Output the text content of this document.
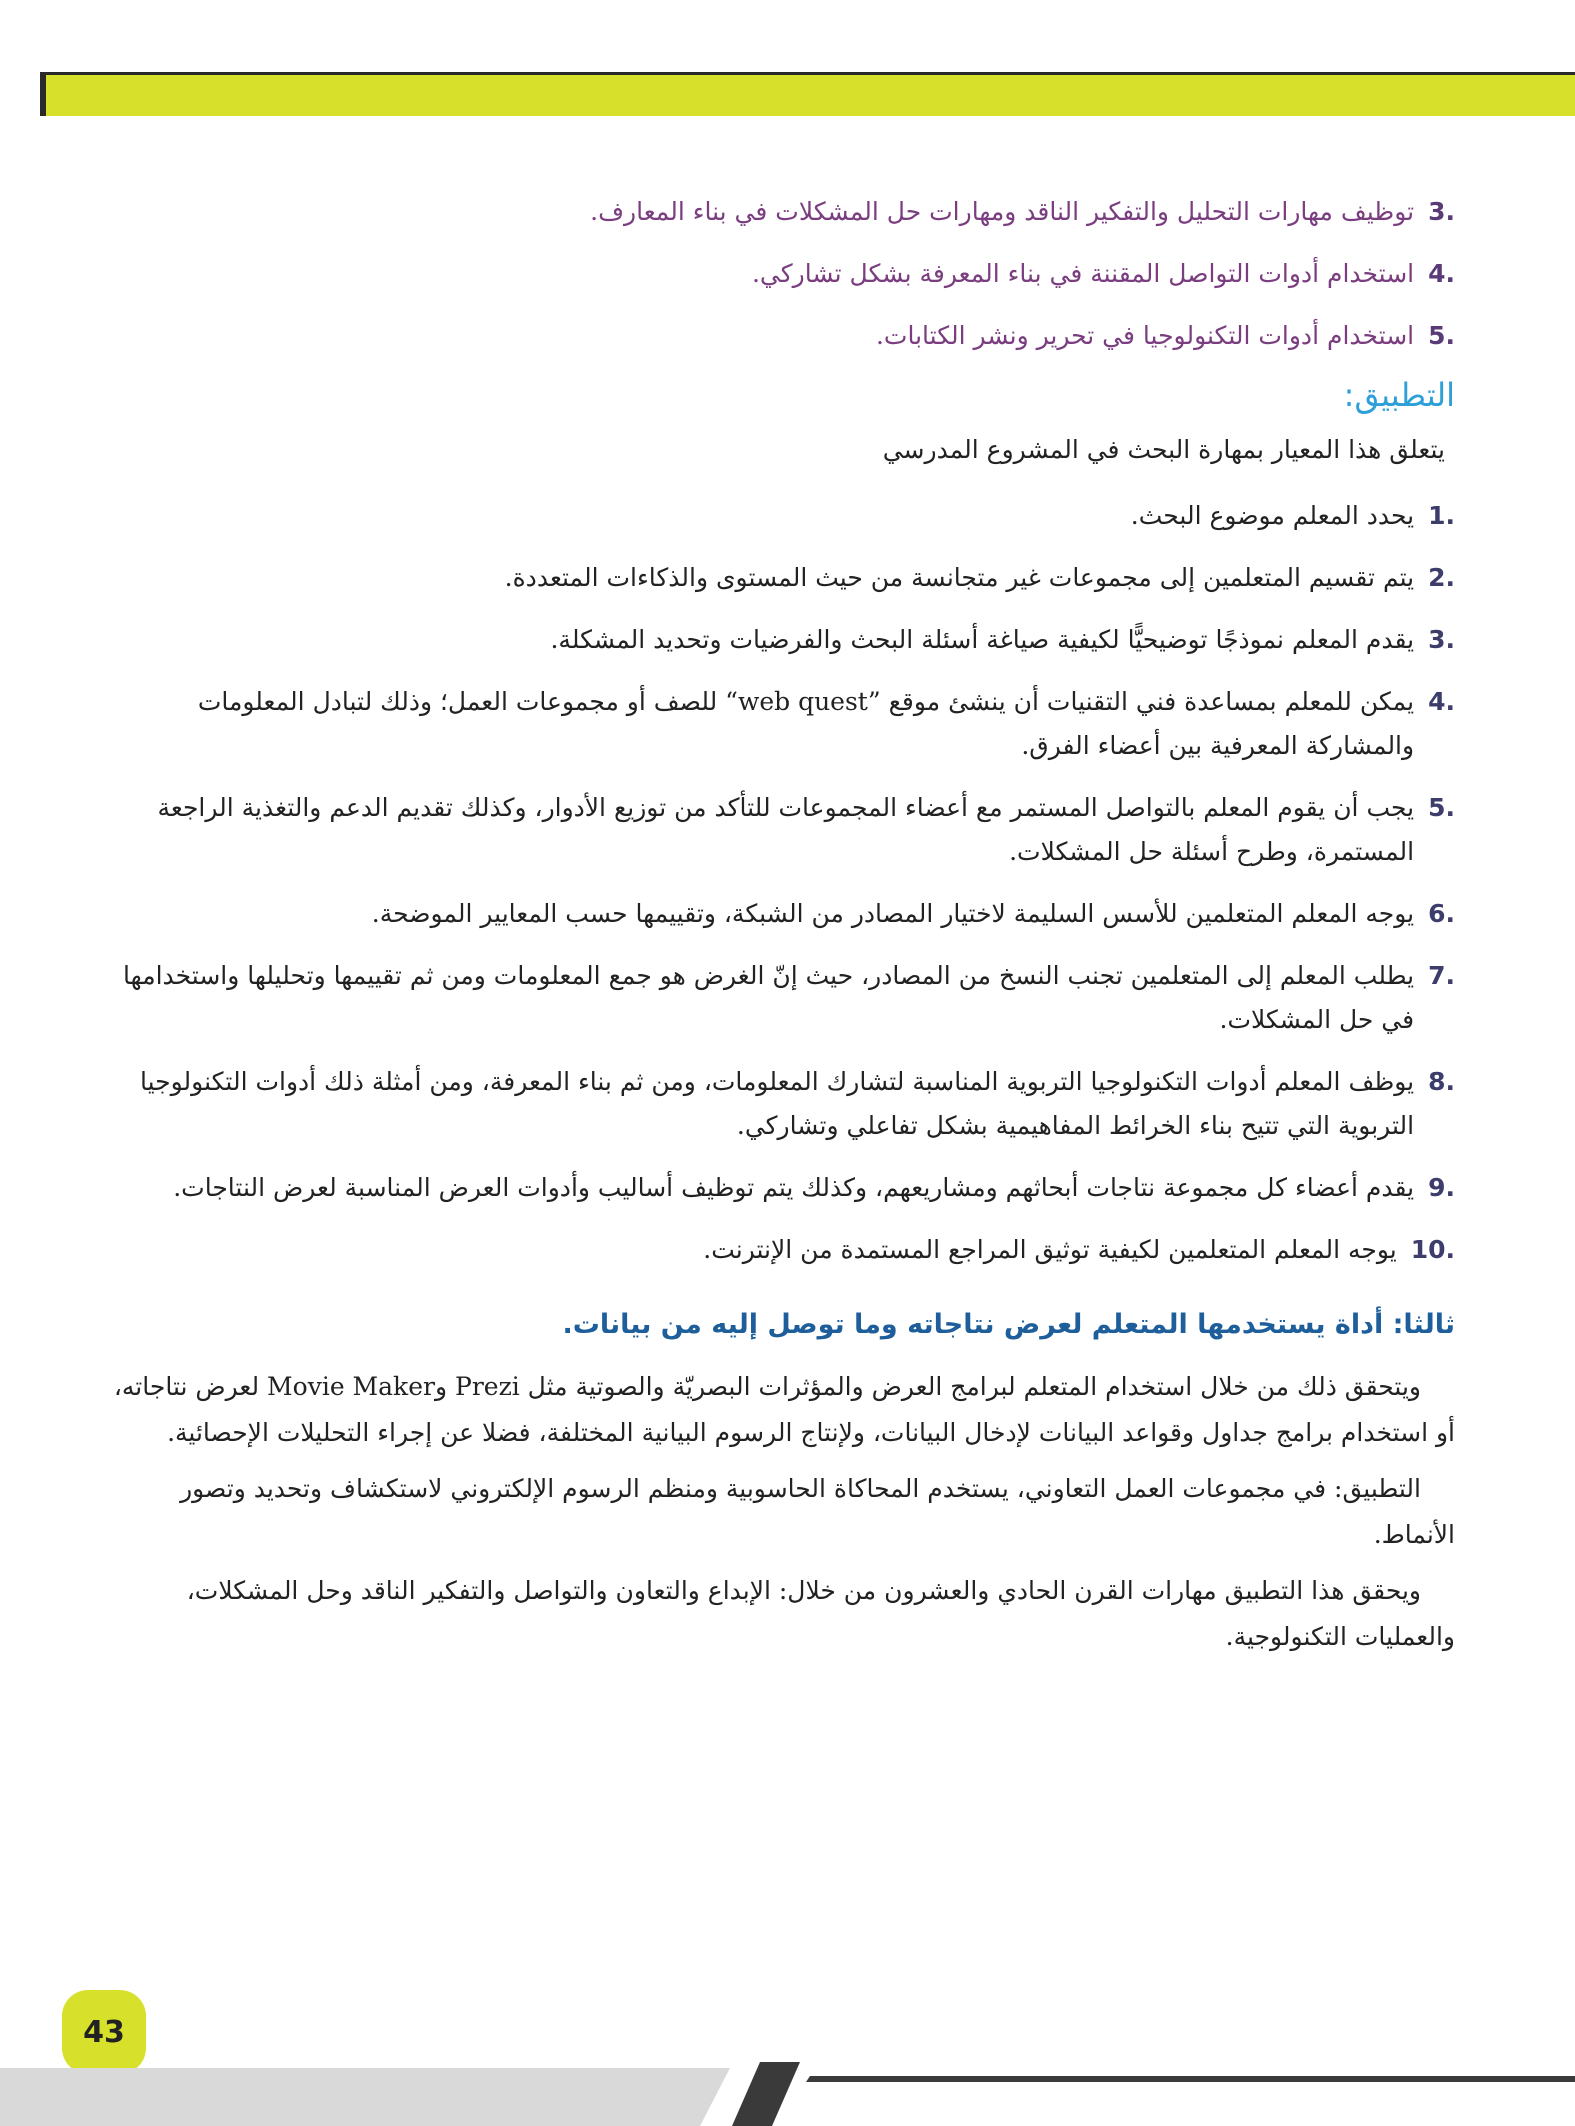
3.
توظيف مهارات التحليل والتفكير الناقد ومهارات حل المشكلات في بناء المعارف.
4.
استخدام أدوات التواصل المقننة في بناء المعرفة بشكل تشاركي.
5.
استخدام أدوات التكنولوجيا في تحرير ونشر الكتابات.
التطبيق:
يتعلق هذا المعيار بمهارة البحث في المشروع المدرسي
1.
يحدد المعلم موضوع البحث.
2.
يتم تقسيم المتعلمين إلى مجموعات غير متجانسة من حيث المستوى والذكاءات المتعددة.
3.
يقدم المعلم نموذجًا توضيحيًّا لكيفية صياغة أسئلة البحث والفرضيات وتحديد المشكلة.
4.
يمكن للمعلم بمساعدة فني التقنيات أن ينشئ موقع ”web quest“ للصف أو مجموعات العمل؛ وذلك لتبادل المعلومات والمشاركة المعرفية بين أعضاء الفرق.
5.
يجب أن يقوم المعلم بالتواصل المستمر مع أعضاء المجموعات للتأكد من توزيع الأدوار، وكذلك تقديم الدعم والتغذية الراجعة المستمرة، وطرح أسئلة حل المشكلات.
6.
يوجه المعلم المتعلمين للأسس السليمة لاختيار المصادر من الشبكة، وتقييمها حسب المعايير الموضحة.
7.
يطلب المعلم إلى المتعلمين تجنب النسخ من المصادر، حيث إنّ الغرض هو جمع المعلومات ومن ثم تقييمها وتحليلها واستخدامها في حل المشكلات.
8.
يوظف المعلم أدوات التكنولوجيا التربوية المناسبة لتشارك المعلومات، ومن ثم بناء المعرفة، ومن أمثلة ذلك أدوات التكنولوجيا التربوية التي تتيح بناء الخرائط المفاهيمية بشكل تفاعلي وتشاركي.
9.
يقدم أعضاء كل مجموعة نتاجات أبحاثهم ومشاريعهم، وكذلك يتم توظيف أساليب وأدوات العرض المناسبة لعرض النتاجات.
10.
يوجه المعلم المتعلمين لكيفية توثيق المراجع المستمدة من الإنترنت.
ثالثا: أداة يستخدمها المتعلم لعرض نتاجاته وما توصل إليه من بيانات.
ويتحقق ذلك من خلال استخدام المتعلم لبرامج العرض والمؤثرات البصريّة والصوتية مثل Prezi وMovie Maker لعرض نتاجاته، أو استخدام برامج جداول وقواعد البيانات لإدخال البيانات، ولإنتاج الرسوم البيانية المختلفة، فضلا عن إجراء التحليلات الإحصائية.
التطبيق: في مجموعات العمل التعاوني، يستخدم المحاكاة الحاسوبية ومنظم الرسوم الإلكتروني لاستكشاف وتحديد وتصور الأنماط.
ويحقق هذا التطبيق مهارات القرن الحادي والعشرون من خلال: الإبداع والتعاون والتواصل والتفكير الناقد وحل المشكلات، والعمليات التكنولوجية.
43
